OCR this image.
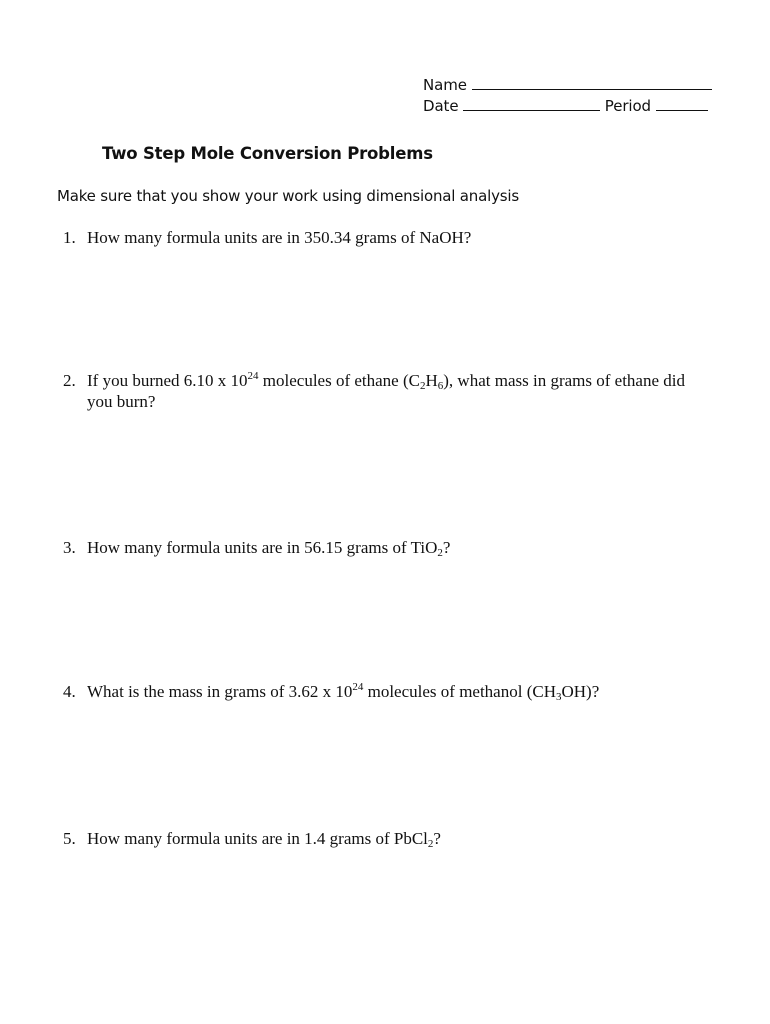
Name
Date	Period
Two Step Mole Conversion Problems
Make sure that you show your work using dimensional analysis
1. How many formula units are in 350.34 grams of NaOH?
2. If you burned 6.10 x $10^{24}$ molecules of ethane $(C_2H_6)$, what mass in grams of ethane did you burn?
3. How many formula units are in 56.15 grams of TiO$_2$?
4. What is the mass in grams of 3.62 x $10^{24}$ molecules of methanol $(CH_3OH)$?
5. How many formula units are in 1.4 grams of PbCl$_2$?
